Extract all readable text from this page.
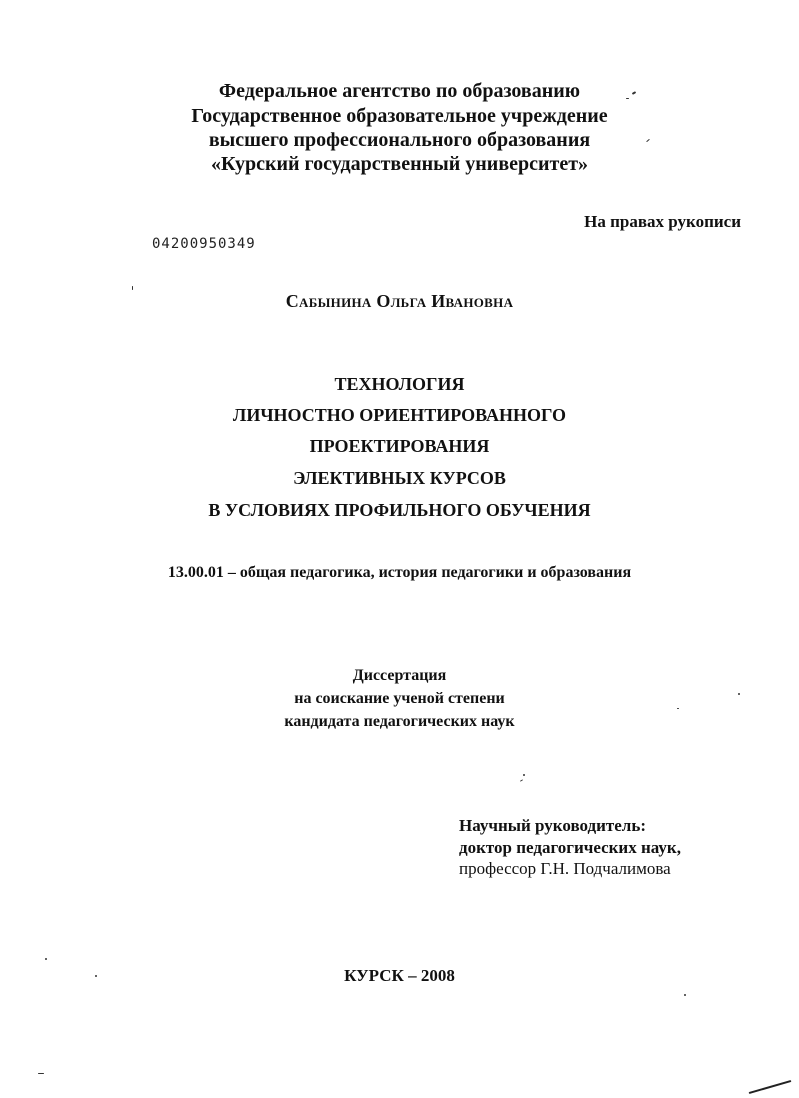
Федеральное агентство по образованию
Государственное образовательное учреждение
высшего профессионального образования
«Курский государственный университет»
На правах рукописи
04200950349
Сабынина Ольга Ивановна
ТЕХНОЛОГИЯ
ЛИЧНОСТНО ОРИЕНТИРОВАННОГО
ПРОЕКТИРОВАНИЯ
ЭЛЕКТИВНЫХ КУРСОВ
В УСЛОВИЯХ ПРОФИЛЬНОГО ОБУЧЕНИЯ
13.00.01 – общая педагогика, история педагогики и образования
Диссертация
на соискание ученой степени
кандидата педагогических наук
Научный руководитель:
доктор педагогических наук,
профессор Г.Н. Подчалимова
КУРСК – 2008
